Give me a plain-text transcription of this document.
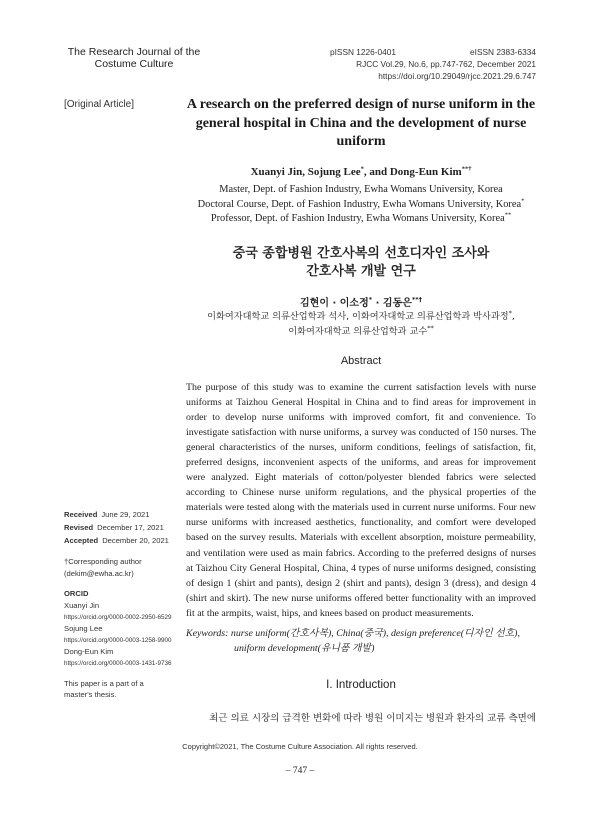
The Research Journal of the Costume Culture
pISSN 1226-0401	eISSN 2383-6334
RJCC Vol.29, No.6, pp.747-762, December 2021
https://doi.org/10.29049/rjcc.2021.29.6.747
[Original Article]	A research on the preferred design of nurse uniform in the general hospital in China and the development of nurse uniform
Xuanyi Jin, Sojung Lee*, and Dong-Eun Kim**†
Master, Dept. of Fashion Industry, Ewha Womans University, Korea
Doctoral Course, Dept. of Fashion Industry, Ewha Womans University, Korea*
Professor, Dept. of Fashion Industry, Ewha Womans University, Korea**
중국 종합병원 간호사복의 선호디자인 조사와
간호사복 개발 연구
김현이 · 이소정* · 김동은**†
이화여자대학교 의류산업학과 석사, 이화여자대학교 의류산업학과 박사과정*,
이화여자대학교 의류산업학과 교수**
Abstract
The purpose of this study was to examine the current satisfaction levels with nurse uniforms at Taizhou General Hospital in China and to find areas for improvement in order to develop nurse uniforms with improved comfort, fit and convenience. To investigate satisfaction with nurse uniforms, a survey was conducted of 150 nurses. The general characteristics of the nurses, uniform conditions, feelings of satisfaction, fit, preferred designs, inconvenient aspects of the uniforms, and areas for improvement were analyzed. Eight materials of cotton/polyester blended fabrics were selected according to Chinese nurse uniform regulations, and the physical properties of the materials were tested along with the materials used in current nurse uniforms. Four new nurse uniforms with increased aesthetics, functionality, and comfort were developed based on the survey results. Materials with excellent absorption, moisture permeability, and ventilation were used as main fabrics. According to the preferred designs of nurses at Taizhou City General Hospital, China, 4 types of nurse uniforms designed, consisting of design 1 (shirt and pants), design 2 (shirt and pants), design 3 (dress), and design 4 (shirt and skirt). The new nurse uniforms offered better functionality with an improved fit at the armpits, waist, hips, and knees based on product measurements.
Keywords: nurse uniform(간호사복), China(중국), design preference(디자인 선호),
uniform development(유니폼 개발)
Received June 29, 2021
Revised December 17, 2021
Accepted December 20, 2021
†Corresponding author
(dekim@ewha.ac.kr)
ORCID
Xuanyi Jin
https://orcid.org/0000-0002-2950-6529
Sojung Lee
https://orcid.org/0000-0003-1258-9900
Dong-Eun Kim
https://orcid.org/0000-0003-1431-9736
This paper is a part of a master's thesis.
I. Introduction
최근 의료 시장의 급격한 변화에 따라 병원 이미지는 병원과 환자의 교류 측면에
Copyright©2021, The Costume Culture Association. All rights reserved.
– 747 –
